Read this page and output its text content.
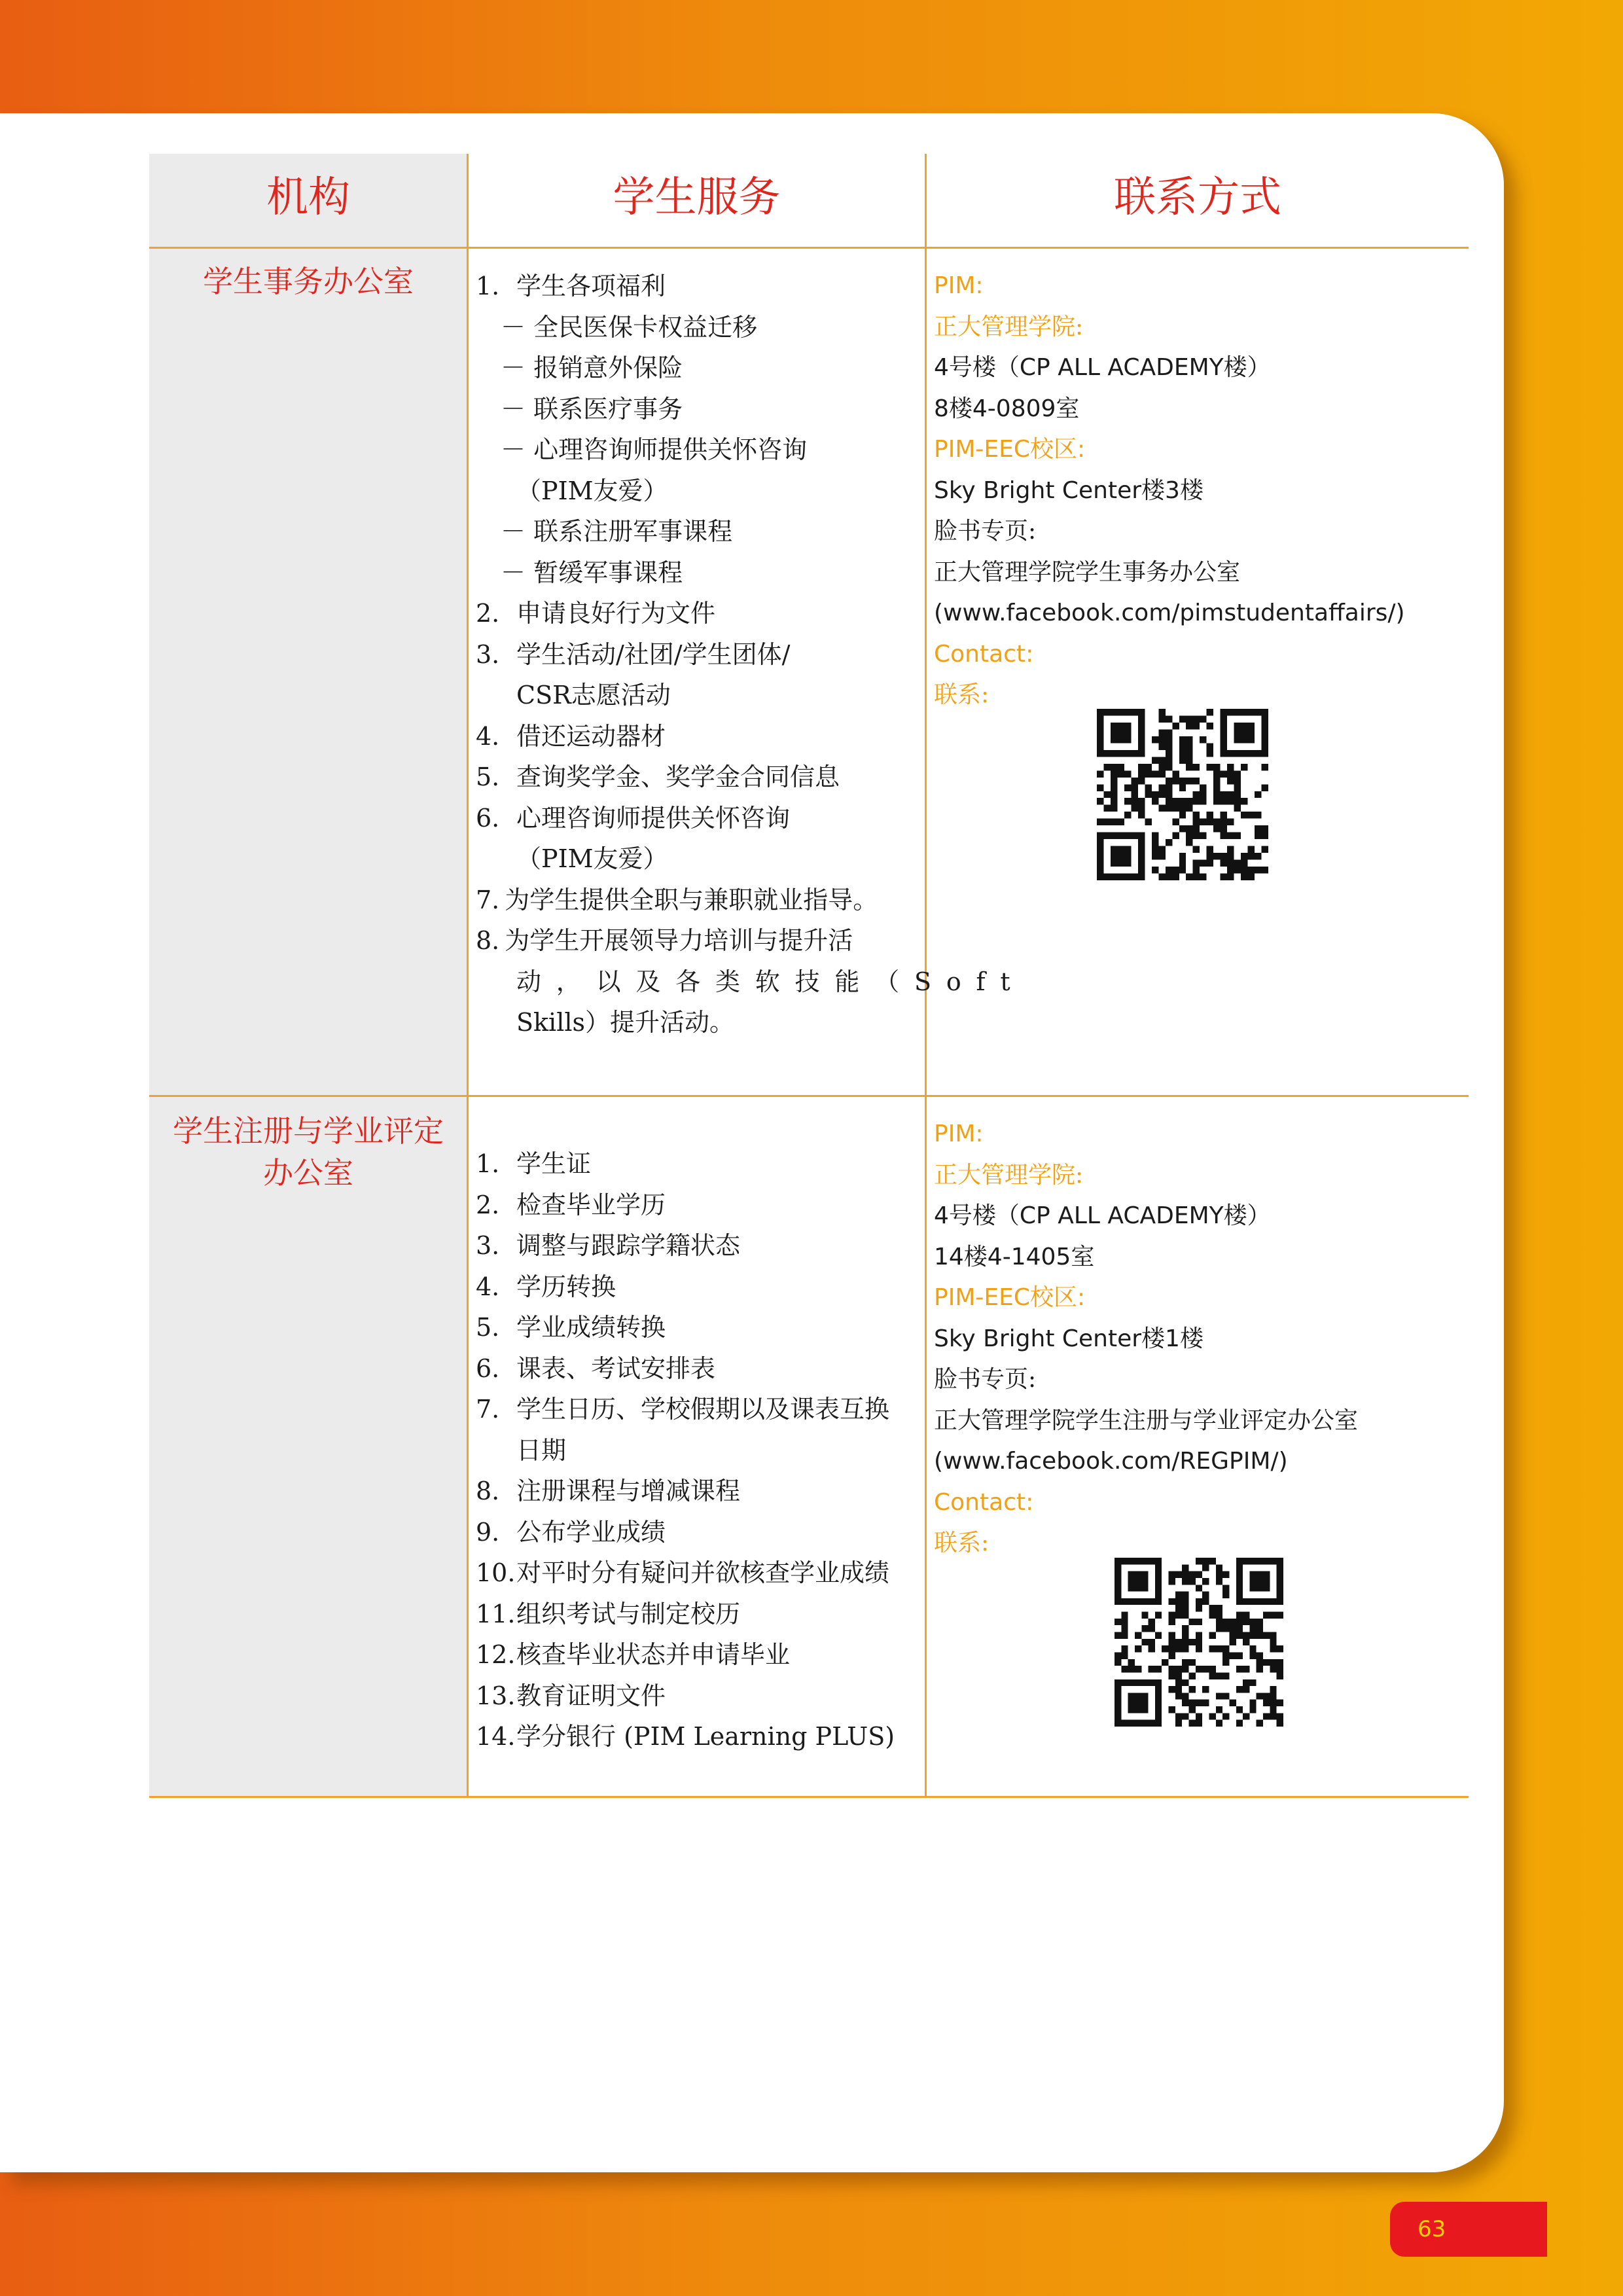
机构	学生服务	联系方式
学生事务办公室
学生注册与学业评定
办公室
1. 学生各项福利
－ 全民医保卡权益迁移
－ 报销意外保险
－ 联系医疗事务
－ 心理咨询师提供关怀咨询
（PIM友爱）
－ 联系注册军事课程
－ 暂缓军事课程
2. 申请良好行为文件
3. 学生活动/社团/学生团体/
CSR志愿活动
4. 借还运动器材
5. 查询奖学金、奖学金合同信息
6. 心理咨询师提供关怀咨询
（PIM友爱）
7. 为学生提供全职与兼职就业指导。
8. 为学生开展领导力培训与提升活
动，以及各类软技能（Soft
Skills）提升活动。
1. 学生证
2. 检查毕业学历
3. 调整与跟踪学籍状态
4. 学历转换
5. 学业成绩转换
6. 课表、考试安排表
7. 学生日历、学校假期以及课表互换
日期
8. 注册课程与增减课程
9. 公布学业成绩
10.对平时分有疑问并欲核查学业成绩
11.组织考试与制定校历
12.核查毕业状态并申请毕业
13.教育证明文件
14.学分银行 (PIM Learning PLUS)
PIM:
正大管理学院:
4号楼（CP ALL ACADEMY楼）
8楼4-0809室
PIM-EEC校区:
Sky Bright Center楼3楼
脸书专页:
正大管理学院学生事务办公室
(www.facebook.com/pimstudentaffairs/)
Contact:
联系:
PIM:
正大管理学院:
4号楼（CP ALL ACADEMY楼）
14楼4-1405室
PIM-EEC校区:
Sky Bright Center楼1楼
脸书专页:
正大管理学院学生注册与学业评定办公室
(www.facebook.com/REGPIM/)
Contact:
联系:
63
